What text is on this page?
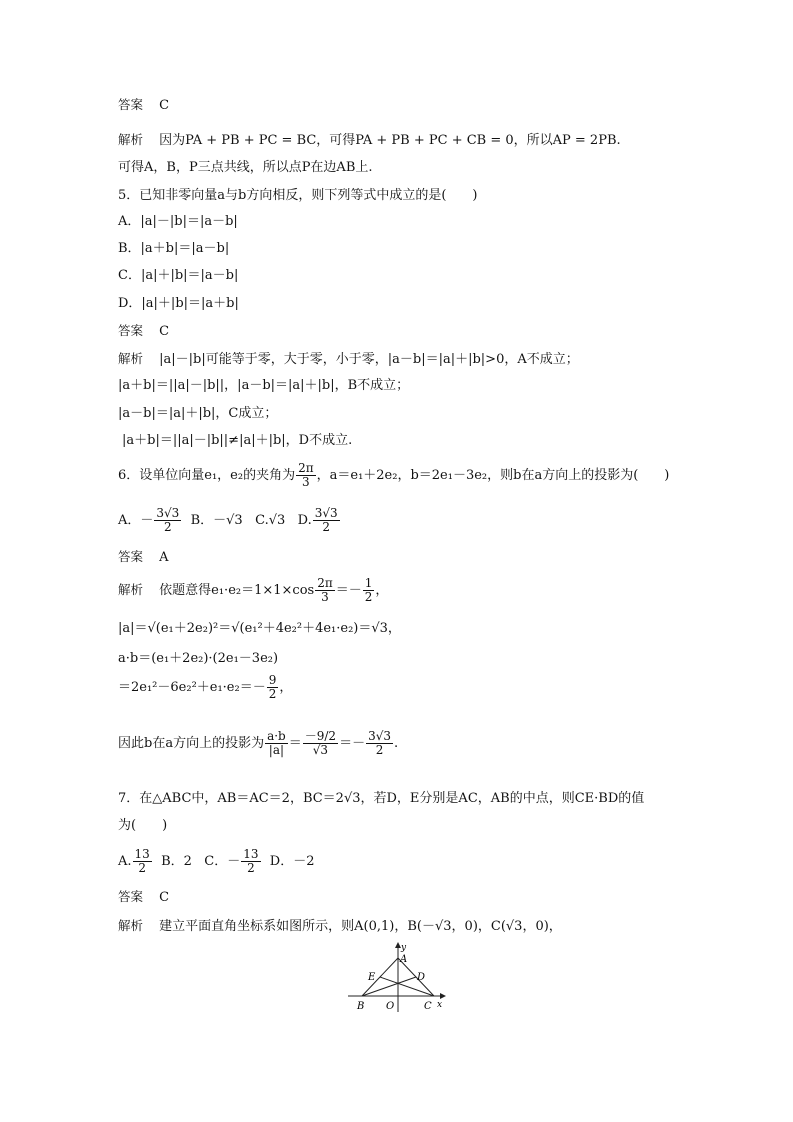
答案 C
解析 因为PA + PB + PC = BC，可得PA + PB + PC + CB = 0，所以AP = 2PB.
可得A，B，P三点共线，所以点P在边AB上.
5．已知非零向量a与b方向相反，则下列等式中成立的是(　　)
A．|a|－|b|＝|a－b|
B．|a＋b|＝|a－b|
C．|a|＋|b|＝|a－b|
D．|a|＋|b|＝|a＋b|
答案 C
解析 |a|－|b|可能等于零，大于零，小于零，|a－b|＝|a|＋|b|>0，A不成立；
|a＋b|＝||a|－|b||，|a－b|＝|a|＋|b|，B不成立；
|a－b|＝|a|＋|b|，C成立；
|a＋b|＝||a|－|b||≠|a|＋|b|，D不成立.
6．设单位向量e₁，e₂的夹角为 $\frac{2\pi}{3}$ ，a＝e₁＋2e₂，b＝2e₁－3e₂，则b在a方向上的投影为(　　)
A．－ $\frac{3√3}{2}$ B．－√3   C.√3   D. $\frac{3√3}{2}$
答案 A
解析 依题意得$e_1\cdot e_2=1\times 1\times\cos \frac{2\pi}{3} =- \frac{1}{2}$ ，
|a|＝√(e₁＋2e₂)²＝√(e₁²＋4e₂²＋4e₁·e₂)＝√3，
a·b＝(e₁＋2e₂)·(2e₁－3e₂)
$=2e_1^2-6e_2^2+e_1\cdot e_2=- \frac{9}{2}$ ，
因此b在a方向上的投影为 $\frac{a\cdot b}{|a|} = \frac{-9/2}{√3} =- \frac{3√3}{2}$ .
7．在△ABC中，AB＝AC＝2，BC＝2√3，若D，E分别是AC，AB的中点，则CE·BD的值
为(　　)
A. $\frac{13}{2}$ B．2   C．－ $\frac{13}{2}$ D．－2
答案 C
解析 建立平面直角坐标系如图所示，则A(0,1)，B(－√3，0)，C(√3，0)，
y
x
A
E	D
B O	C
